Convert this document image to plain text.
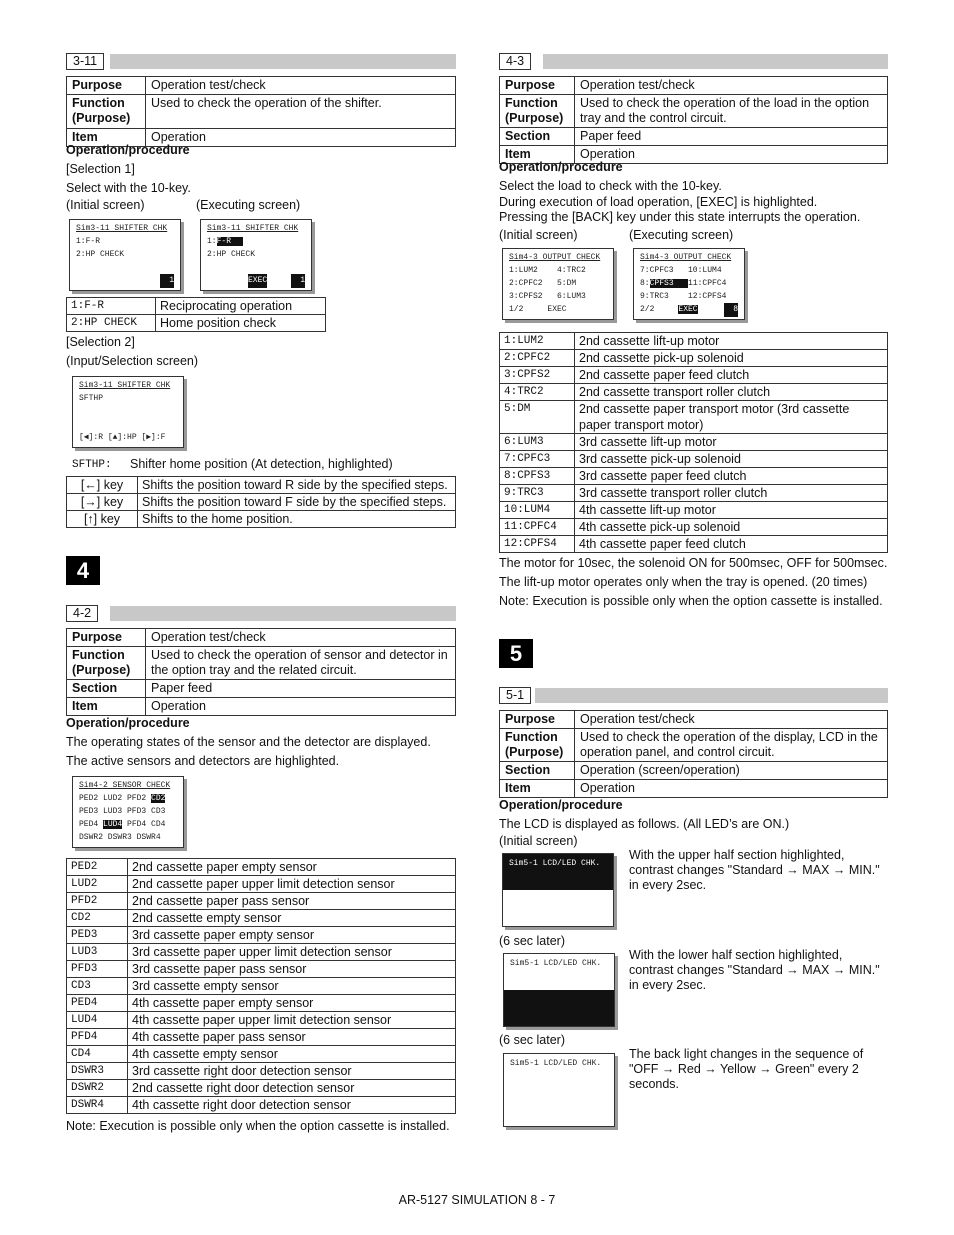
3-11
Purpose	Operation test/check
Function (Purpose)	Used to check the operation of the shifter.
Item	Operation
Operation/procedure
[Selection 1]
Select with the 10-key.
(Initial screen)	(Executing screen)
Sim3-11 SHIFTER CHK
1:F-R
2:HP CHECK
1
Sim3-11 SHIFTER CHK
1:F-R
2:HP CHECK
EXEC	1
1:F-R	Reciprocating operation
2:HP CHECK	Home position check
[Selection 2]
(Input/Selection screen)
Sim3-11 SHIFTER CHK
SFTHP
[◀]:R [▲]:HP [▶]:F
SFTHP: Shifter home position (At detection, highlighted)
[←] key	Shifts the position toward R side by the specified steps.
[→] key	Shifts the position toward F side by the specified steps.
[↑] key	Shifts to the home position.
4
4-2
Purpose	Operation test/check
Function (Purpose)	Used to check the operation of sensor and detector in the option tray and the related circuit.
Section	Paper feed
Item	Operation
Operation/procedure
The operating states of the sensor and the detector are displayed.
The active sensors and detectors are highlighted.
Sim4-2 SENSOR CHECK
PED2 LUD2 PFD2 CD2
PED3 LUD3 PFD3 CD3
PED4 LUD4 PFD4 CD4
DSWR2 DSWR3 DSWR4
PED2	2nd cassette paper empty sensor
LUD2	2nd cassette paper upper limit detection sensor
PFD2	2nd cassette paper pass sensor
CD2	2nd cassette empty sensor
PED3	3rd cassette paper empty sensor
LUD3	3rd cassette paper upper limit detection sensor
PFD3	3rd cassette paper pass sensor
CD3	3rd cassette empty sensor
PED4	4th cassette paper empty sensor
LUD4	4th cassette paper upper limit detection sensor
PFD4	4th cassette paper pass sensor
CD4	4th cassette empty sensor
DSWR3	3rd cassette right door detection sensor
DSWR2	2nd cassette right door detection sensor
DSWR4	4th cassette right door detection sensor
Note: Execution is possible only when the option cassette is installed.
4-3
Purpose	Operation test/check
Function (Purpose)	Used to check the operation of the load in the option tray and the control circuit.
Section	Paper feed
Item	Operation
Operation/procedure
Select the load to check with the 10-key.
During execution of load operation, [EXEC] is highlighted.
Pressing the [BACK] key under this state interrupts the operation.
(Initial screen)	(Executing screen)
Sim4-3 OUTPUT CHECK
1:LUM2    4:TRC2
2:CPFC2   5:DM
3:CPFS2   6:LUM3
1/2     EXEC
Sim4-3 OUTPUT CHECK
7:CPFC3   10:LUM4
8:CPFS3   11:CPFC4
9:TRC3    12:CPFS4
2/2     EXEC	8
1:LUM2	2nd cassette lift-up motor
2:CPFC2	2nd cassette pick-up solenoid
3:CPFS2	2nd cassette paper feed clutch
4:TRC2	2nd cassette transport roller clutch
5:DM	2nd cassette paper transport motor (3rd cassette paper transport motor)
6:LUM3	3rd cassette lift-up motor
7:CPFC3	3rd cassette pick-up solenoid
8:CPFS3	3rd cassette paper feed clutch
9:TRC3	3rd cassette transport roller clutch
10:LUM4	4th cassette lift-up motor
11:CPFC4	4th cassette pick-up solenoid
12:CPFS4	4th cassette paper feed clutch
The motor for 10sec, the solenoid ON for 500msec, OFF for 500msec.
The lift-up motor operates only when the tray is opened. (20 times)
Note: Execution is possible only when the option cassette is installed.
5
5-1
Purpose	Operation test/check
Function (Purpose)	Used to check the operation of the display, LCD in the operation panel, and control circuit.
Section	Operation (screen/operation)
Item	Operation
Operation/procedure
The LCD is displayed as follows. (All LED’s are ON.)
(Initial screen)
Sim5-1 LCD/LED CHK.
With the upper half section highlighted, contrast changes "Standard → MAX → MIN." in every 2sec.
(6 sec later)
Sim5-1 LCD/LED CHK.
With the lower half section highlighted, contrast changes "Standard → MAX → MIN." in every 2sec.
(6 sec later)
Sim5-1 LCD/LED CHK.
The back light changes in the sequence of "OFF → Red → Yellow → Green" every 2 seconds.
AR-5127 SIMULATION 8 - 7
